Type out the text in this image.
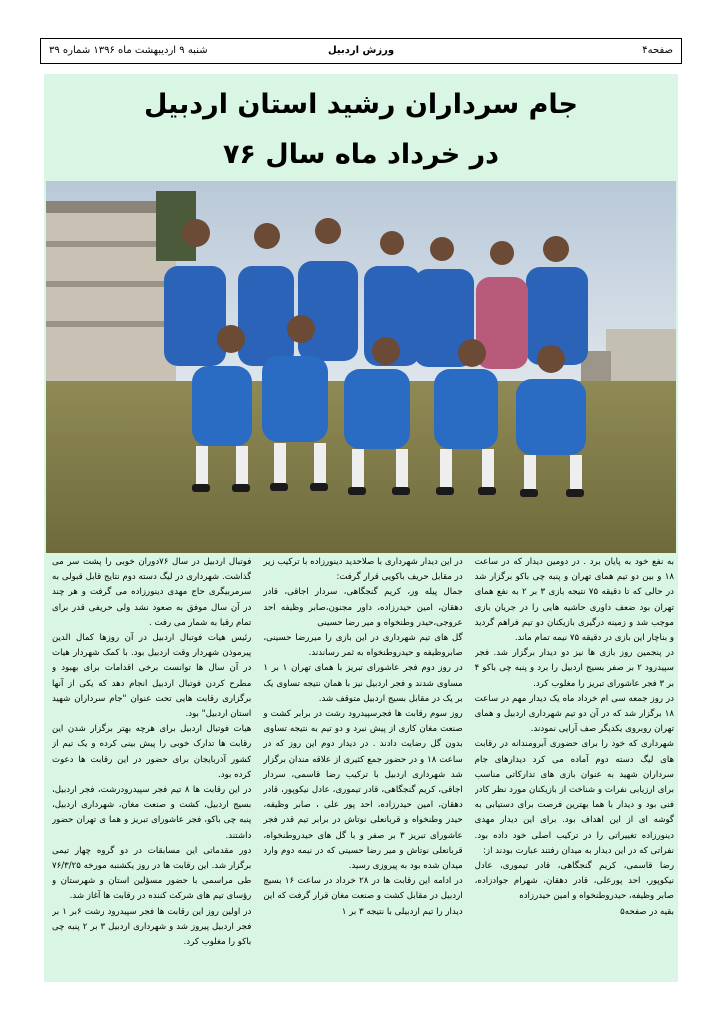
صفحه۴
ورزش اردبیل
شنبه ۹ اردیبهشت ماه ۱۳۹۶ شماره ۳۹
جام سرداران رشید استان اردبیل
در خرداد ماه سال ۷۶

فوتبال اردبیل در سال ۷۶دوران خوبی را پشت سر می گذاشت. شهرداری در لیگ دسته دوم نتایج قابل قبولی به سرمربیگری حاج مهدی دینورزاده می گرفت و هر چند در آن سال موفق به صعود نشد ولی حریفی قدر برای تمام رقبا به شمار می رفت .

رئیس هیات فوتبال اردبیل در آن روزها کمال الدین پیرموذن شهردار وقت اردبیل بود. با کمک شهردار هیات در آن سال ها توانست برخی اقدامات برای بهبود و مطرح کردن فوتبال اردبیل انجام دهد که یکی از آنها برگزاری رقابت هایی تحت عنوان "جام سرداران شهید استان اردبیل" بود.

هیات فوتبال اردبیل برای هرچه بهتر برگزار شدن این رقابت ها تدارک خوبی را پیش بینی کرده و یک تیم از کشور آذربایجان برای حضور در این رقابت ها دعوت کرده بود.

در این رقابت ها ۸ تیم فجر سپیدرودرشت، فجر اردبیل، بسیج اردبیل، کشت و صنعت مغان، شهرداری اردبیل، پنبه چی باکو، فجر عاشورای تبریز و هما ی تهران حضور داشتند.

دور مقدماتی این مسابقات در دو گروه چهار تیمی برگزار شد. این رقابت ها در روز یکشنبه مورخه ۷۶/۳/۲۵ طی مراسمی با حضور مسؤلین استان و شهرستان و رؤسای تیم های شرکت کننده در رقابت ها آغاز شد.

در اولین روز این رقابت ها فجر سپیدرود رشت ۶بر ۱ بر فجر اردبیل پیروز شد و شهرداری اردبیل ۳ بر ۲ پنبه چی باکو را مغلوب کرد.

در این دیدار شهرداری با صلاحدید دینورزاده با ترکیب زیر در مقابل حریف باکویی قرار گرفت:

جمال پیله ور، کریم گنجگاهی، سردار اجاقی، قادر دهقان، امین حیدرزاده، داور مجنون،صابر وظیفه احد عروجی،حیدر وطنخواه و میر رضا حسینی

گل های تیم شهرداری در این بازی را میررضا حسینی، صابروظیفه و حیدروطنخواه به ثمر رساندند.

در روز دوم فجر عاشورای تبریز با همای تهران ۱ بر ۱ مساوی شدند و فجر اردبیل نیز با همان نتیجه تساوی یک بر یک در مقابل بسیج اردبیل متوقف شد.

روز سوم رقابت ها فجرسپیدرود رشت در برابر کشت و صنعت مغان کاری از پیش نبرد و دو تیم به نتیجه تساوی بدون گل رضایت دادند . در دیدار دوم این روز که در ساعت ۱۸ و در حضور جمع کثیری از علاقه مندان برگزار شد شهرداری اردبیل با ترکیب رضا قاسمی، سردار اجاقی، کریم گنجگاهی، قادر تیموری، عادل نیکوپور، قادر دهقان، امین حیدرزاده، احد پور علی ، صابر وظیفه، حیدر وطنخواه و قربانعلی نوتاش در برابر تیم قدر فجر عاشورای تبریز ۳ بر صفر و با گل های حیدروطنخواه، قربانعلی نوتاش و میر رضا حسینی که در نیمه دوم وارد میدان شده بود به پیروزی رسید.

در ادامه این رقابت ها در ۲۸ خرداد در ساعت ۱۶ بسیج اردبیل در مقابل کشت و صنعت مغان قرار گرفت که این دیدار را تیم اردبیلی با نتیجه ۳ بر ۱

به نفع خود به پایان برد . در دومین دیدار که در ساعت ۱۸ و بین دو تیم همای تهران و پنبه چی باکو برگزار شد در حالی که تا دقیقه ۷۵ نتیجه بازی ۳ بر ۲ به نفع همای تهران بود ضعف داوری حاشیه هایی را در جریان بازی موجب شد و زمینه درگیری بازیکنان دو تیم فراهم گردید و بناچار این بازی در دقیقه ۷۵ نیمه تمام ماند.

در پنجمین روز بازی ها نیز دو دیدار برگزار شد. فجر سپیدرود ۲ بر صفر بسیج اردبیل را برد و پنبه چی باکو ۴ بر ۳ فجر عاشورای تبریز را مغلوب کرد.

در روز جمعه سی ام خرداد ماه یک دیدار مهم در ساعت ۱۸ برگزار شد که در آن دو تیم شهرداری اردبیل و همای تهران روبروی یکدیگر صف آرایی نمودند.

شهرداری که خود را برای حضوری آبرومندانه در رقابت های لیگ دسته دوم آماده می کرد دیدارهای جام سرداران شهید به عنوان بازی های تدارکاتی مناسب برای ارزیابی نفرات و شناخت از بازیکنان مورد نظر کادر فنی بود و دیدار با هما بهترین فرصت برای دستیابی به گوشه ای از این اهداف بود. برای این دیدار مهدی دینورزاده تغییراتی را در ترکیب اصلی خود داده بود. نفراتی که در این دیدار به میدان رفتند عبارت بودند از:

رضا قاسمی، کریم گنجگاهی، قادر تیموری، عادل نیکوپور، احد پورعلی، قادر دهقان، شهرام جوادزاده، صابر وظیفه، حیدروطنخواه و امین حیدرزاده

بقیه در صفحه۵
